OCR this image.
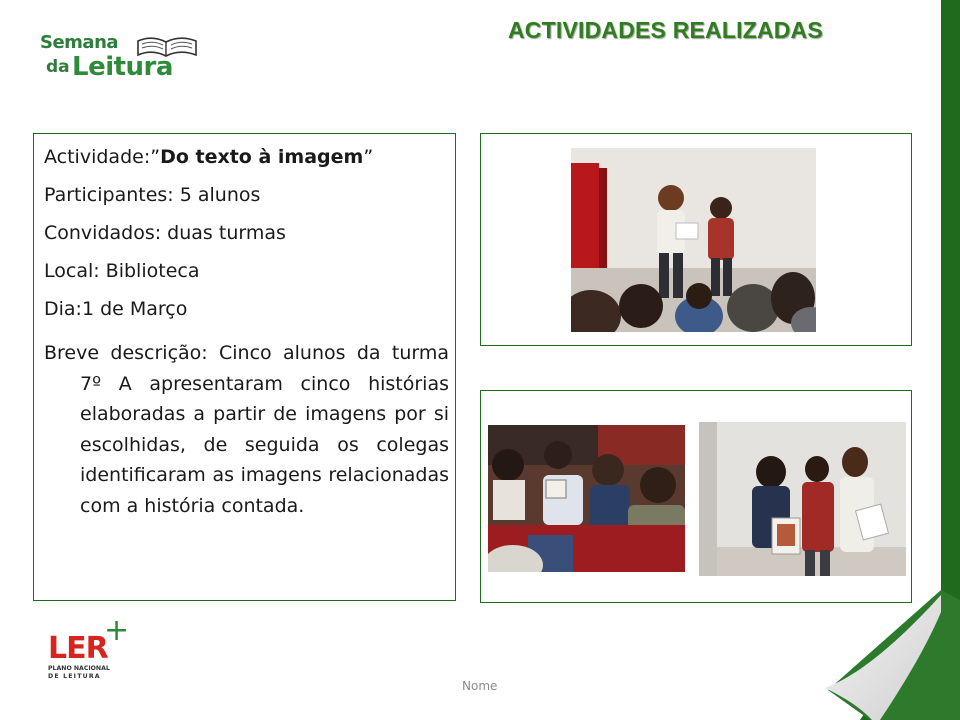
ACTIVIDADES REALIZADAS
Semana
da Leitura

Actividade:”Do texto à imagem”

Participantes: 5 alunos

Convidados: duas turmas

Local: Biblioteca

Dia:1 de Março

Breve descrição: Cinco alunos da turma 7º A apresentaram cinco histórias elaboradas a partir de imagens por si escolhidas, de seguida os colegas identificaram as imagens relacionadas com a história contada.
LER
+
PLANO NACIONAL
DE LEITURA
Nome
